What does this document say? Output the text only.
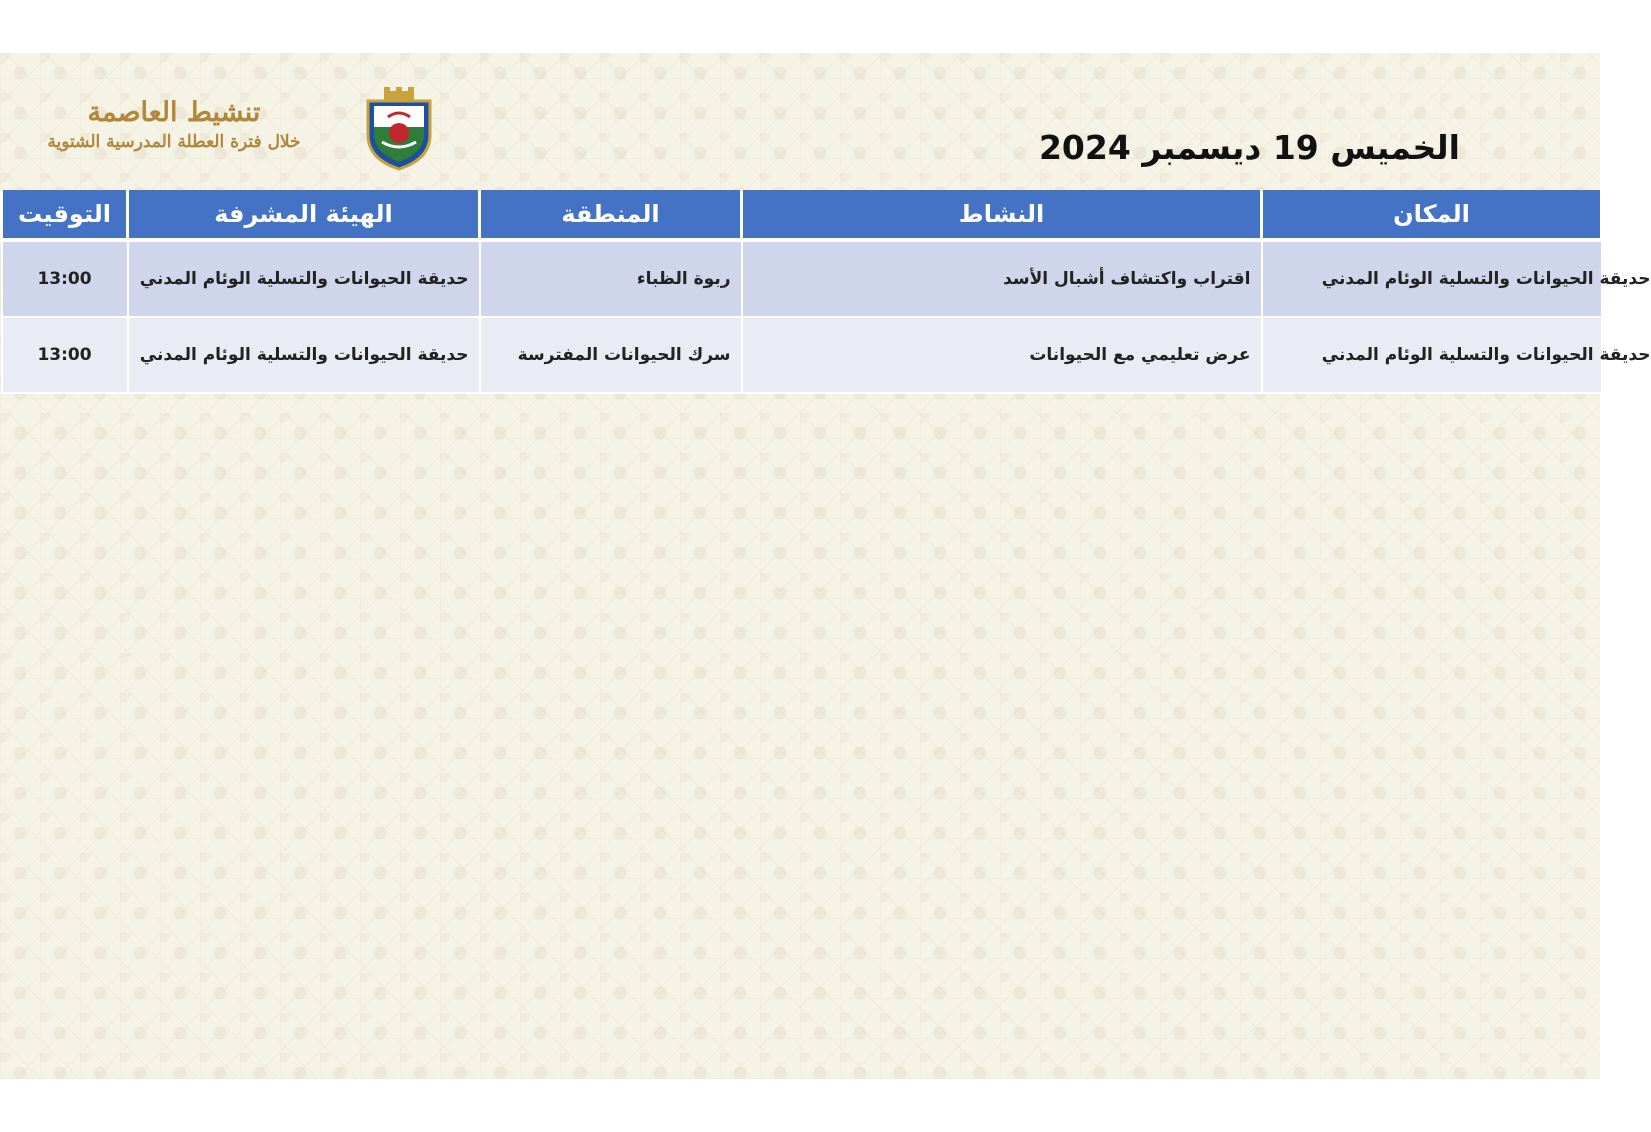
تنشيط العاصمة
خلال فترة العطلة المدرسية الشتوية	الخميس 19 ديسمبر 2024
المكان	النشاط	المنطقة	الهيئة المشرفة	التوقيت
حديقة الحيوانات والتسلية الوئام المدني	اقتراب واكتشاف أشبال الأسد	ربوة الظباء	حديقة الحيوانات والتسلية الوئام المدني	13:00
حديقة الحيوانات والتسلية الوئام المدني	عرض تعليمي مع الحيوانات	سرك الحيوانات المفترسة	حديقة الحيوانات والتسلية الوئام المدني	13:00
